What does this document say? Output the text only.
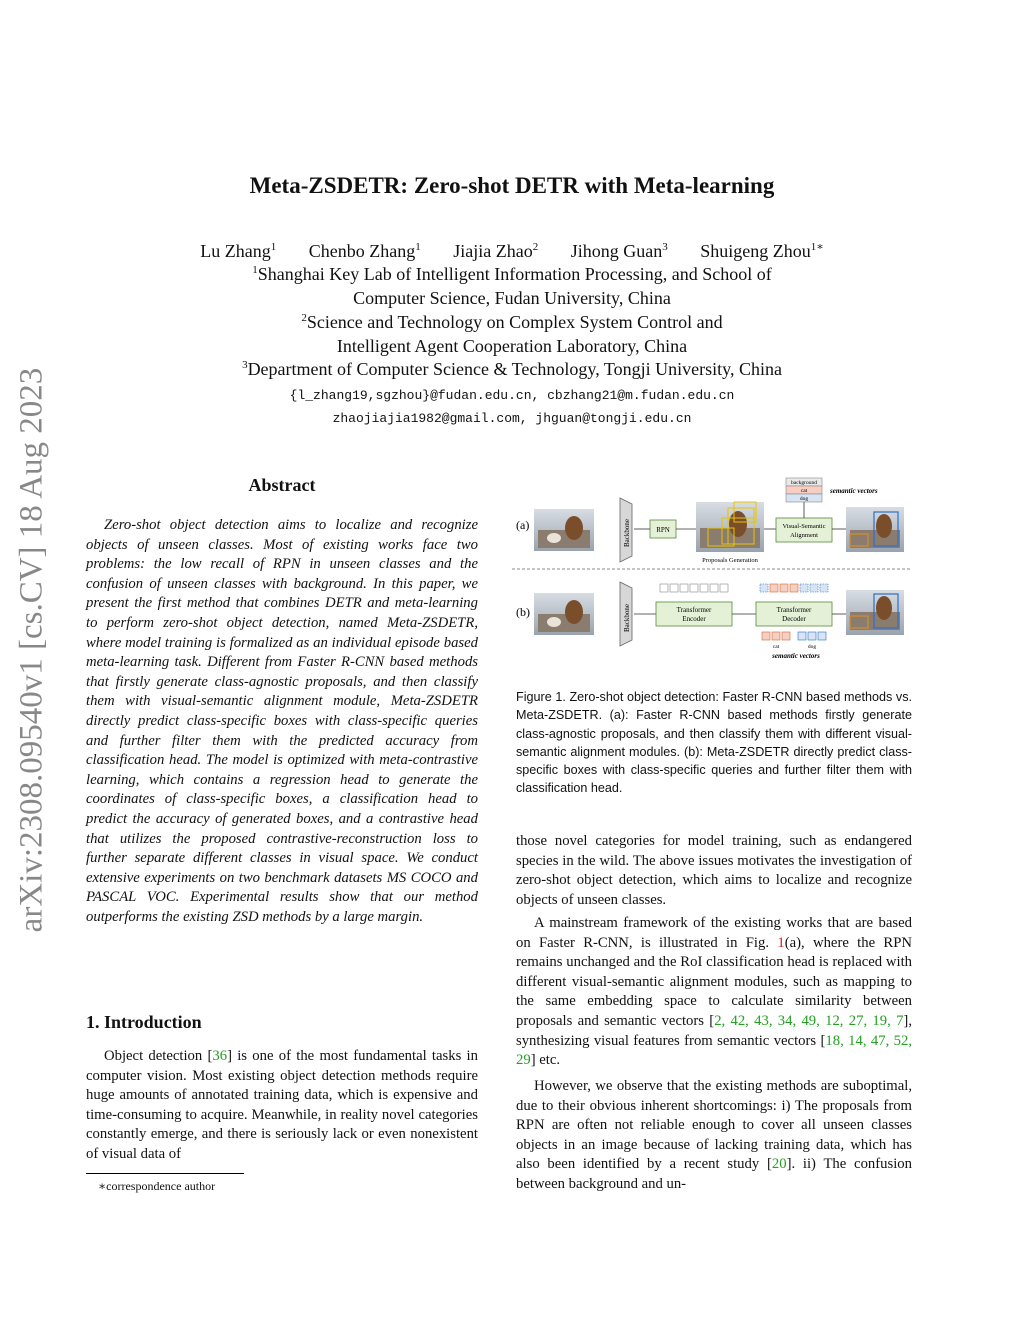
arXiv:2308.09540v1 [cs.CV] 18 Aug 2023
Meta-ZSDETR: Zero-shot DETR with Meta-learning
Lu Zhang$^1$ Chenbo Zhang$^1$ Jiajia Zhao$^2$ Jihong Guan$^3$ Shuigeng Zhou$^{1∗}$
$^1$Shanghai Key Lab of Intelligent Information Processing, and School of
Computer Science, Fudan University, China
$^2$Science and Technology on Complex System Control and
Intelligent Agent Cooperation Laboratory, China
$^3$Department of Computer Science & Technology, Tongji University, China
{l_zhang19,sgzhou}@fudan.edu.cn, cbzhang21@m.fudan.edu.cn
zhaojiajia1982@gmail.com, jhguan@tongji.edu.cn
Abstract
Zero-shot object detection aims to localize and recognize objects of unseen classes. Most of existing works face two problems: the low recall of RPN in unseen classes and the confusion of unseen classes with background. In this paper, we present the first method that combines DETR and meta-learning to perform zero-shot object detection, named Meta-ZSDETR, where model training is formalized as an individual episode based meta-learning task. Different from Faster R-CNN based methods that firstly generate class-agnostic proposals, and then classify them with visual-semantic alignment module, Meta-ZSDETR directly predict class-specific boxes with class-specific queries and further filter them with the predicted accuracy from classification head. The model is optimized with meta-contrastive learning, which contains a regression head to generate the coordinates of class-specific boxes, a classification head to predict the accuracy of generated boxes, and a contrastive head that utilizes the proposed contrastive-reconstruction loss to further separate different classes in visual space. We conduct extensive experiments on two benchmark datasets MS COCO and PASCAL VOC. Experimental results show that our method outperforms the existing ZSD methods by a large margin.
1. Introduction
Object detection [36] is one of the most fundamental tasks in computer vision. Most existing object detection methods require huge amounts of annotated training data, which is expensive and time-consuming to acquire. Meanwhile, in reality novel categories constantly emerge, and there is seriously lack or even nonexistent of visual data of
∗correspondence author
(a)	Backbone	RPN
Proposals Generation
Visual-Semantic
Alignment
background
cat
dog
semantic vectors
(b)	Backbone	Transformer
Encoder
Transformer
Decoder
cat	dog
semantic vectors
Figure 1. Zero-shot object detection: Faster R-CNN based methods vs. Meta-ZSDETR. (a): Faster R-CNN based methods firstly generate class-agnostic proposals, and then classify them with different visual-semantic alignment modules. (b): Meta-ZSDETR directly predict class-specific boxes with class-specific queries and further filter them with classification head.
those novel categories for model training, such as endangered species in the wild. The above issues motivates the investigation of zero-shot object detection, which aims to localize and recognize objects of unseen classes.
A mainstream framework of the existing works that are based on Faster R-CNN, is illustrated in Fig. 1(a), where the RPN remains unchanged and the RoI classification head is replaced with different visual-semantic alignment modules, such as mapping to the same embedding space to calculate similarity between proposals and semantic vectors [2, 42, 43, 34, 49, 12, 27, 19, 7], synthesizing visual features from semantic vectors [18, 14, 47, 52, 29] etc.
However, we observe that the existing methods are suboptimal, due to their obvious inherent shortcomings: i) The proposals from RPN are often not reliable enough to cover all unseen classes objects in an image because of lacking training data, which has also been identified by a recent study [20]. ii) The confusion between background and un-
